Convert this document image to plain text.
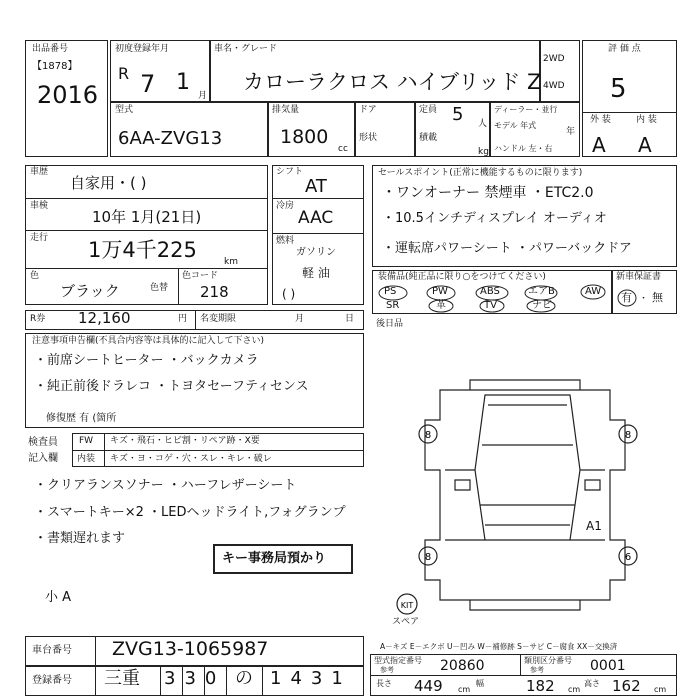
出品番号
【1878】
2016
初度登録年月
R 7 1
月
車名・グレード
カローラクロス ハイブリッド Z
2WD
4WD
評 価 点
5
外 装	内 装
A A
型式
6AA-ZVG13
排気量
1800
cc
ドア
形状
定員 5 人
積載
kg
ディーラー・並行
モデル 年式
年
ハンドル 左・右
車歴
自家用・( )
車検
10年 1月(21日)
走行 1万4千225	km
色
ブラック	色替
色コード
218
シフト
AT
冷房
AAC
燃料
ガソリン
軽 油
( )
R券 12,160	円 名変期限	月	日
セールスポイント(正常に機能するものに限ります)
・ワンオーナー 禁煙車 ・ETC2.0
・10.5インチディスプレイ オーディオ
・運転席パワーシート ・パワーバックドア
装備品(純正品に限り○をつけてください)
PS	PW	ABS	エアB	AW
SR	革	TV	ナビ
新車保証書
有 ・ 無
注意事項申告欄(不具合内容等は具体的に記入して下さい)
・前席シートヒーター ・バックカメラ
・純正前後ドラレコ ・トヨタセーフティセンス
修復歴 有 (箇所
後日品
検査員
記入欄
FW キズ・飛石・ヒビ割・リペア跡・X要
内装 キズ・ヨ・コゲ・穴・スレ・キレ・破レ
・クリアランスソナー ・ハーフレザーシート
・スマートキー×2 ・LEDヘッドライト,フォグランプ
・書類遅れます
キー事務局預かり
小 A
8	8
8	6
KIT
A1
スペア
A－キズ E－エクボ U－凹み W－補修跡 S－サビ C－腐食 XX－交換済
車台番号 ZVG13-1065987
登録番号 三重 330 の 1431
型式指定番号
参考	20860	類別区分番号
参考	0001
長さ 449 cm
幅	182 cm
高さ 162 cm
